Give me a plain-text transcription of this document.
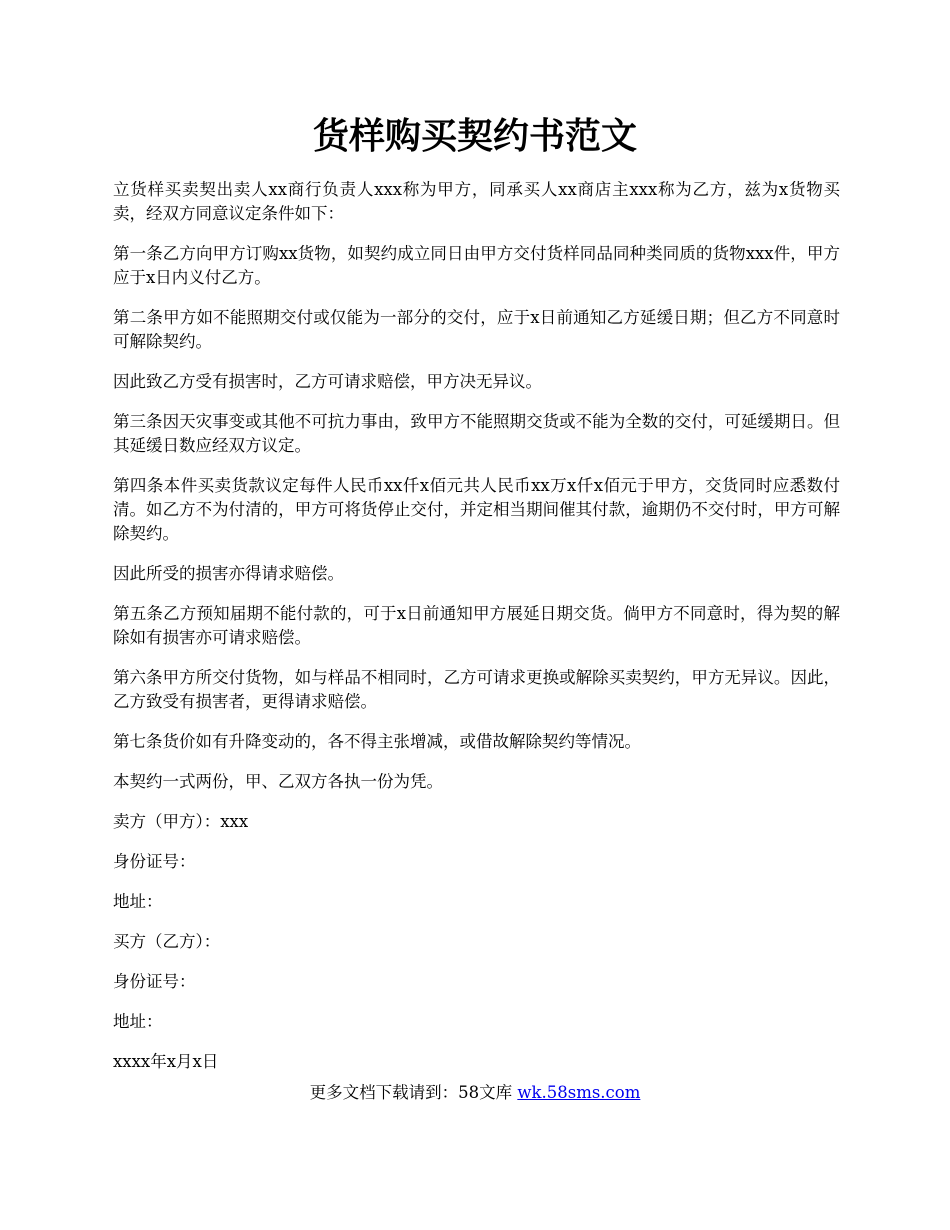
货样购买契约书范文

立货样买卖契出卖人xx商行负责人xxx称为甲方，同承买人xx商店主xxx称为乙方，兹为x货物买卖，经双方同意议定条件如下：

第一条乙方向甲方订购xx货物，如契约成立同日由甲方交付货样同品同种类同质的货物xxx件，甲方应于x日内义付乙方。

第二条甲方如不能照期交付或仅能为一部分的交付，应于x日前通知乙方延缓日期；但乙方不同意时可解除契约。

因此致乙方受有损害时，乙方可请求赔偿，甲方决无异议。

第三条因天灾事变或其他不可抗力事由，致甲方不能照期交货或不能为全数的交付，可延缓期日。但其延缓日数应经双方议定。

第四条本件买卖货款议定每件人民币xx仟x佰元共人民币xx万x仟x佰元于甲方，交货同时应悉数付清。如乙方不为付清的，甲方可将货停止交付，并定相当期间催其付款，逾期仍不交付时，甲方可解除契约。

因此所受的损害亦得请求赔偿。

第五条乙方预知届期不能付款的，可于x日前通知甲方展延日期交货。倘甲方不同意时，得为契的解除如有损害亦可请求赔偿。

第六条甲方所交付货物，如与样品不相同时，乙方可请求更换或解除买卖契约，甲方无异议。因此，乙方致受有损害者，更得请求赔偿。

第七条货价如有升降变动的，各不得主张增减，或借故解除契约等情况。

本契约一式两份，甲、乙双方各执一份为凭。

卖方（甲方）：xxx

身份证号：

地址：

买方（乙方）：

身份证号：

地址：

xxxx年x月x日

更多文档下载请到：58文库 wk.58sms.com
